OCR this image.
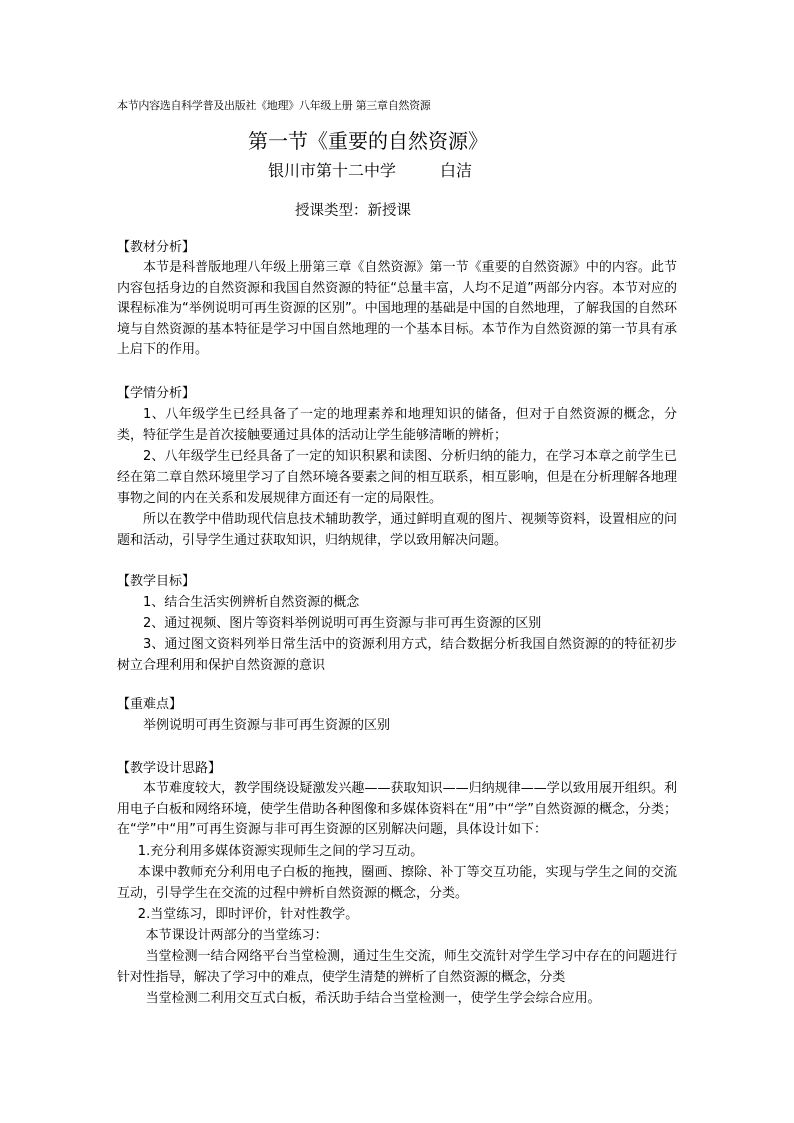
本节内容选自科学普及出版社《地理》八年级上册 第三章自然资源
第一节《重要的自然资源》
银川市第十二中学	白洁
授课类型：新授课
【教材分析】

本节是科普版地理八年级上册第三章《自然资源》第一节《重要的自然资源》中的内容。此节内容包括身边的自然资源和我国自然资源的特征“总量丰富，人均不足道”两部分内容。本节对应的课程标准为“举例说明可再生资源的区别”。中国地理的基础是中国的自然地理，了解我国的自然环境与自然资源的基本特征是学习中国自然地理的一个基本目标。本节作为自然资源的第一节具有承上启下的作用。

【学情分析】

1、八年级学生已经具备了一定的地理素养和地理知识的储备，但对于自然资源的概念，分类，特征学生是首次接触要通过具体的活动让学生能够清晰的辨析；

2、八年级学生已经具备了一定的知识积累和读图、分析归纳的能力，在学习本章之前学生已经在第二章自然环境里学习了自然环境各要素之间的相互联系，相互影响，但是在分析理解各地理事物之间的内在关系和发展规律方面还有一定的局限性。

所以在教学中借助现代信息技术辅助教学，通过鲜明直观的图片、视频等资料，设置相应的问题和活动，引导学生通过获取知识，归纳规律，学以致用解决问题。

【教学目标】

1、结合生活实例辨析自然资源的概念

2、通过视频、图片等资料举例说明可再生资源与非可再生资源的区别

3、通过图文资料列举日常生活中的资源利用方式，结合数据分析我国自然资源的的特征初步树立合理利用和保护自然资源的意识

【重难点】

举例说明可再生资源与非可再生资源的区别

【教学设计思路】

本节难度较大，教学围绕设疑激发兴趣——获取知识——归纳规律——学以致用展开组织。利用电子白板和网络环境，使学生借助各种图像和多媒体资料在“用”中“学”自然资源的概念，分类；在“学”中“用”可再生资源与非可再生资源的区别解决问题，具体设计如下：

1.充分利用多媒体资源实现师生之间的学习互动。

本课中教师充分利用电子白板的拖拽，圈画、擦除、补丁等交互功能，实现与学生之间的交流互动，引导学生在交流的过程中辨析自然资源的概念，分类。

2.当堂练习，即时评价，针对性教学。

本节课设计两部分的当堂练习：

当堂检测一结合网络平台当堂检测，通过生生交流，师生交流针对学生学习中存在的问题进行针对性指导，解决了学习中的难点，使学生清楚的辨析了自然资源的概念，分类

当堂检测二利用交互式白板，希沃助手结合当堂检测一，使学生学会综合应用。
